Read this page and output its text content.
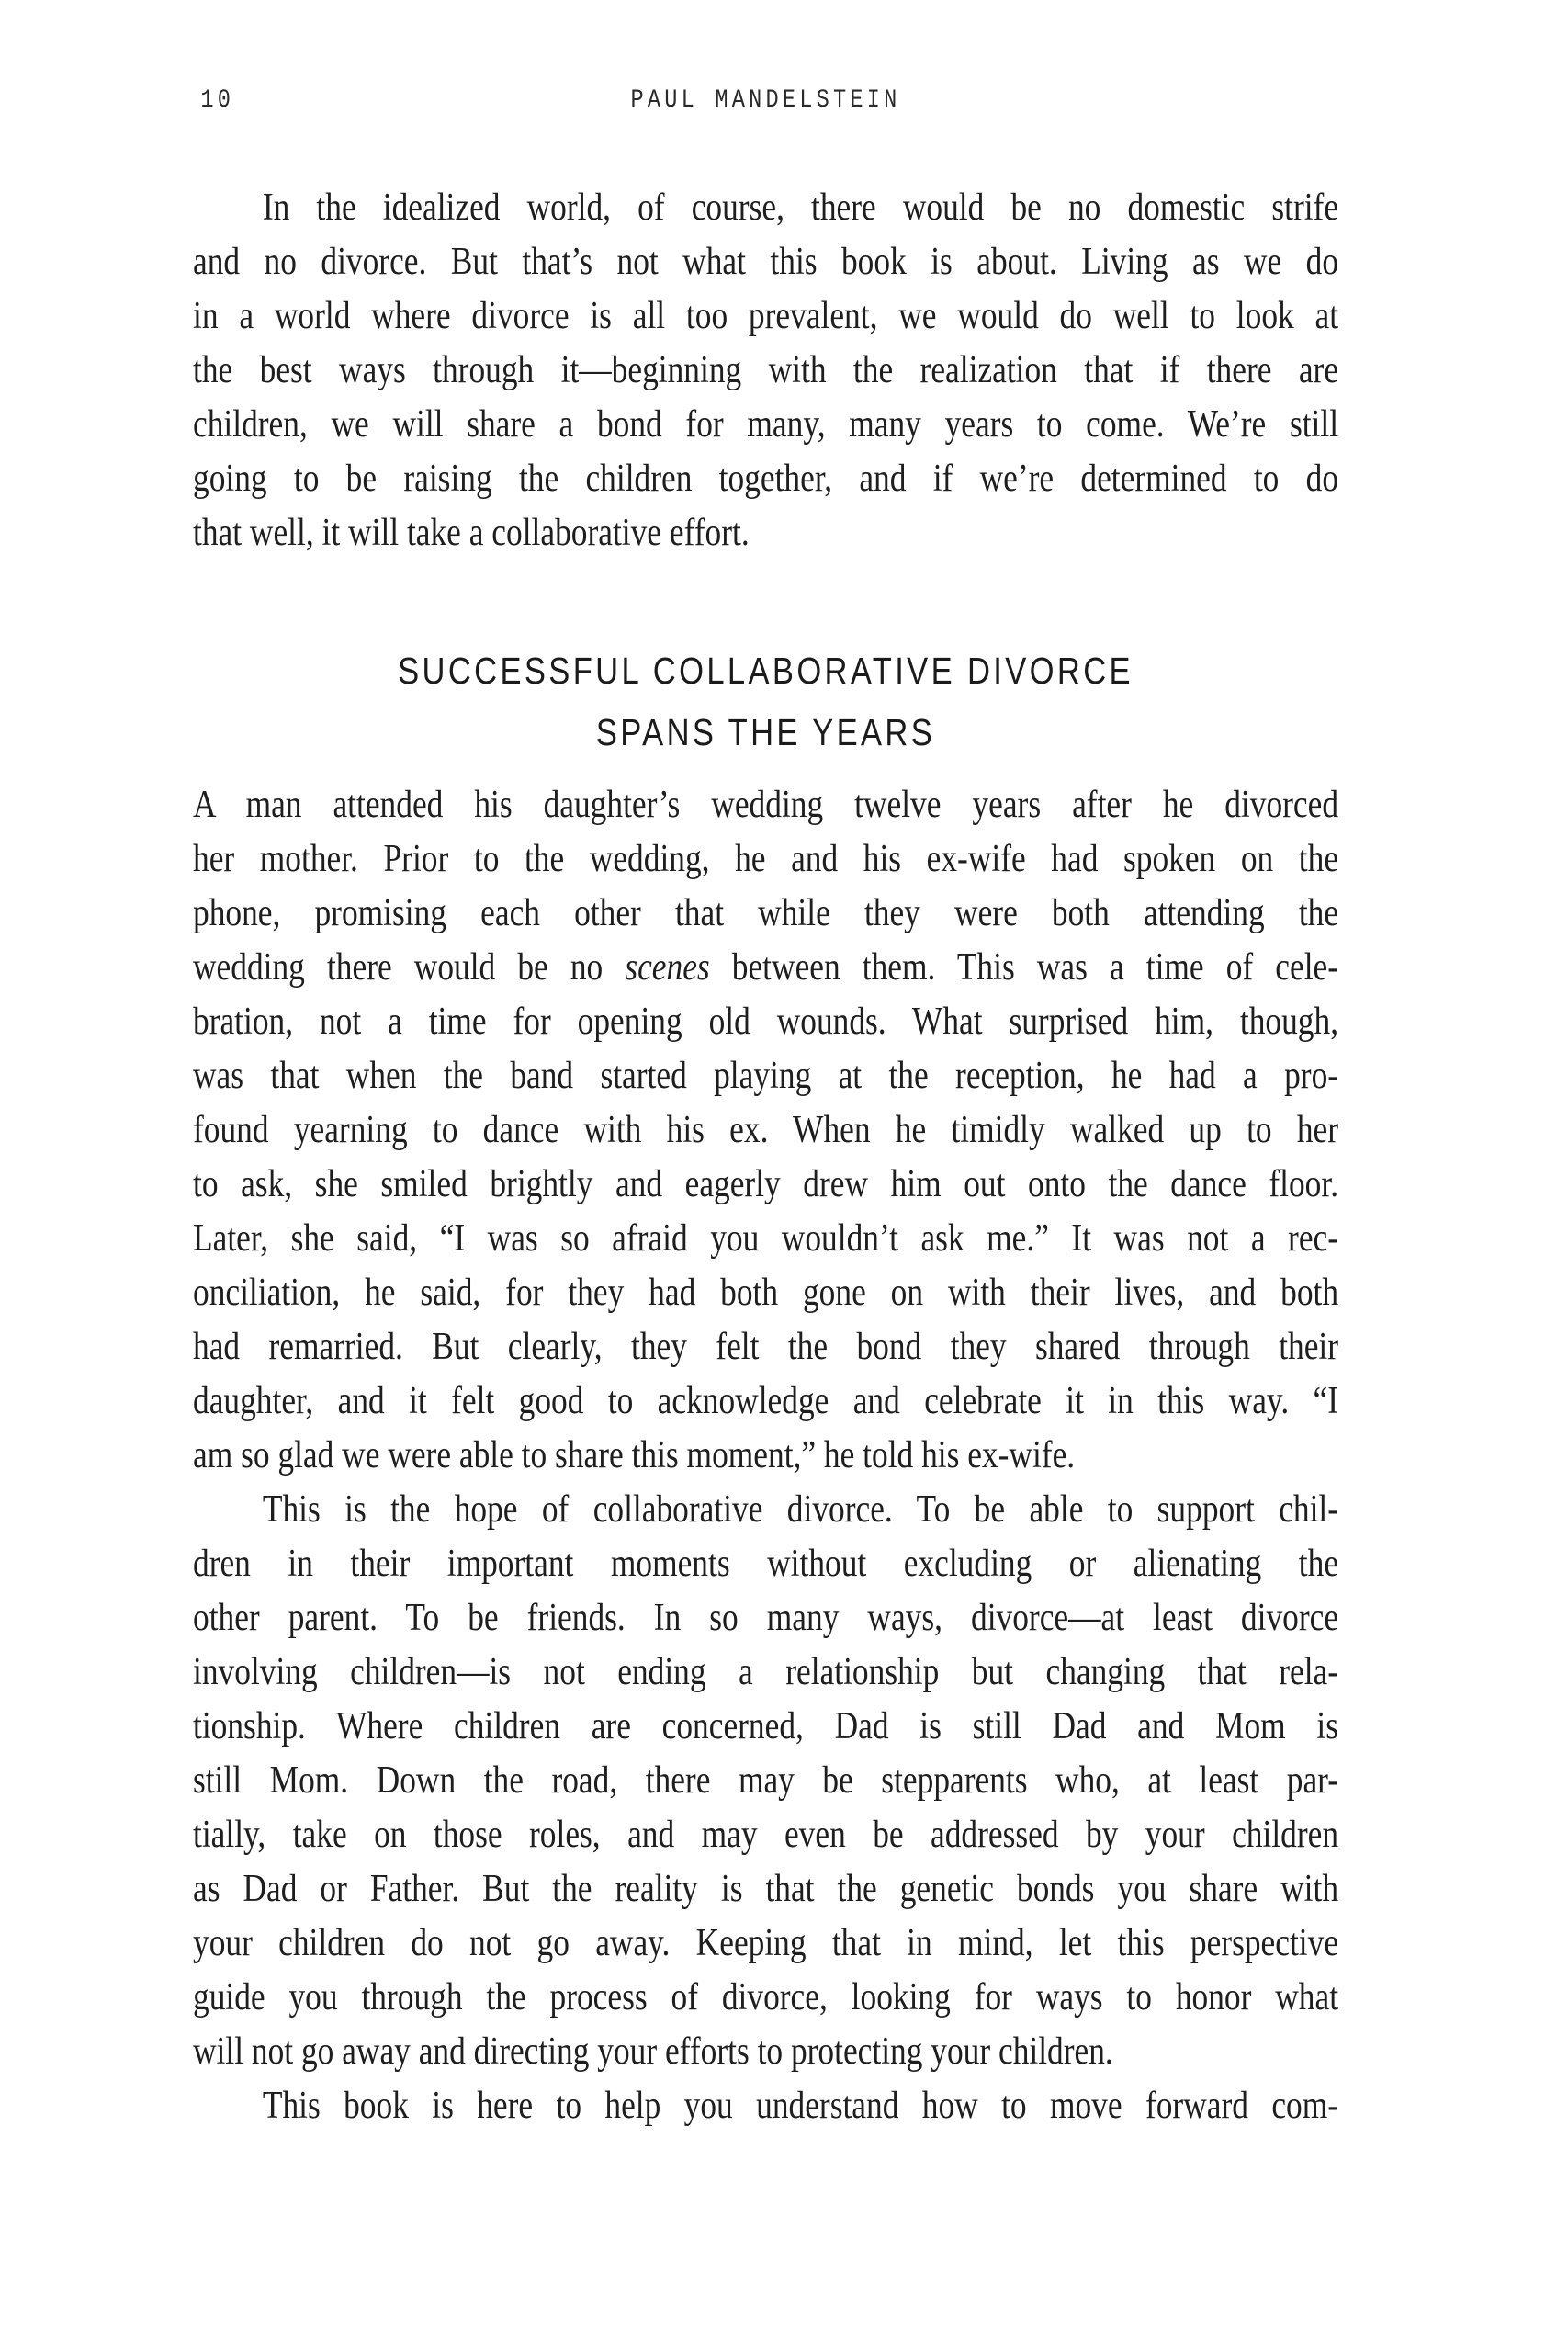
10	PAUL MANDELSTEIN
In the idealized world, of course, there would be no domestic strife
and no divorce. But that’s not what this book is about. Living as we do
in a world where divorce is all too prevalent, we would do well to look at
the best ways through it—beginning with the realization that if there are
children, we will share a bond for many, many years to come. We’re still
going to be raising the children together, and if we’re determined to do
that well, it will take a collaborative effort.
SUCCESSFUL COLLABORATIVE DIVORCE
SPANS THE YEARS
A man attended his daughter’s wedding twelve years after he divorced
her mother. Prior to the wedding, he and his ex-wife had spoken on the
phone, promising each other that while they were both attending the
wedding there would be no scenes between them. This was a time of cele-
bration, not a time for opening old wounds. What surprised him, though,
was that when the band started playing at the reception, he had a pro-
found yearning to dance with his ex. When he timidly walked up to her
to ask, she smiled brightly and eagerly drew him out onto the dance floor.
Later, she said, “I was so afraid you wouldn’t ask me.” It was not a rec-
onciliation, he said, for they had both gone on with their lives, and both
had remarried. But clearly, they felt the bond they shared through their
daughter, and it felt good to acknowledge and celebrate it in this way. “I
am so glad we were able to share this moment,” he told his ex-wife.
This is the hope of collaborative divorce. To be able to support chil-
dren in their important moments without excluding or alienating the
other parent. To be friends. In so many ways, divorce—at least divorce
involving children—is not ending a relationship but changing that rela-
tionship. Where children are concerned, Dad is still Dad and Mom is
still Mom. Down the road, there may be stepparents who, at least par-
tially, take on those roles, and may even be addressed by your children
as Dad or Father. But the reality is that the genetic bonds you share with
your children do not go away. Keeping that in mind, let this perspective
guide you through the process of divorce, looking for ways to honor what
will not go away and directing your efforts to protecting your children.
This book is here to help you understand how to move forward com-
